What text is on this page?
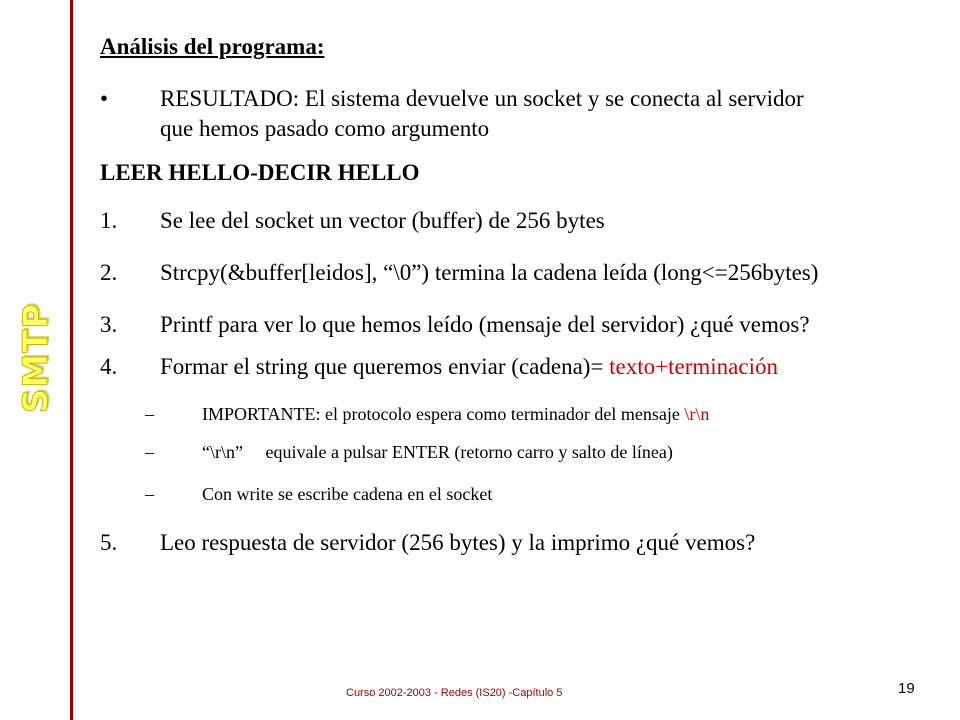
SMTP
Análisis del programa:
• RESULTADO: El sistema devuelve un socket y se conecta al servidor
que hemos pasado como argumento
LEER HELLO-DECIR HELLO
1. Se lee del socket un vector (buffer) de 256 bytes
2. Strcpy(&buffer[leidos], “\0”) termina la cadena leída (long<=256bytes)
3. Printf para ver lo que hemos leído (mensaje del servidor) ¿qué vemos?
4. Formar el string que queremos enviar (cadena)= texto+terminación
–	IMPORTANTE: el protocolo espera como terminador del mensaje \r\n
–	“\r\n”     equivale a pulsar ENTER (retorno carro y salto de línea)
–	Con write se escribe cadena en el socket
5. Leo respuesta de servidor (256 bytes) y la imprimo ¿qué vemos?
Curso 2002-2003 - Redes (IS20) -Capítulo 5	19
